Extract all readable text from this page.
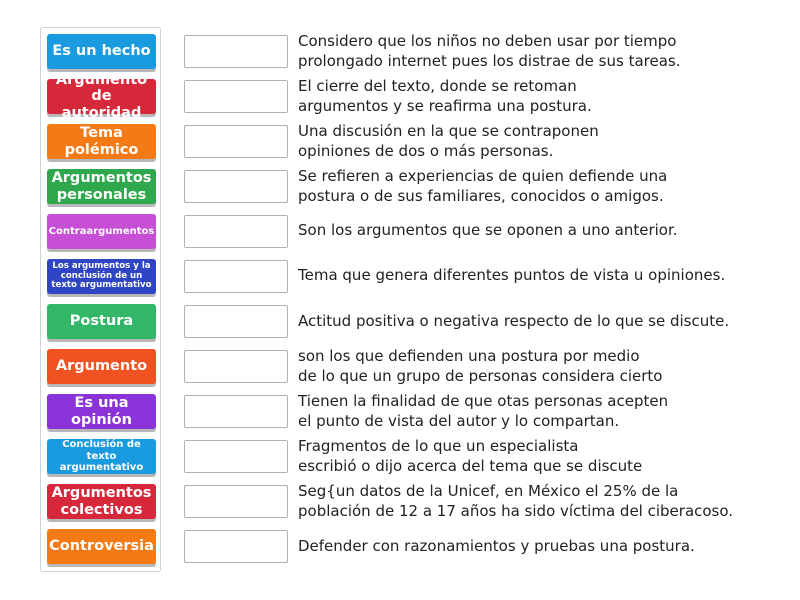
Es un hecho
Argumento de autoridad
Tema polémico
Argumentos personales
Contraargumentos
Los argumentos y la conclusión de un texto argumentativo
Postura
Argumento
Es una opinión
Conclusión de texto argumentativo
Argumentos colectivos
Controversia
Considero que los niños no deben usar por tiempo
prolongado internet pues los distrae de sus tareas.
El cierre del texto, donde se retoman
argumentos y se reafirma una postura.
Una discusión en la que se contraponen
opiniones de dos o más personas.
Se refieren a experiencias de quien defiende una
postura o de sus familiares, conocidos o amigos.
Son los argumentos que se oponen a uno anterior.
Tema que genera diferentes puntos de vista u opiniones.
Actitud positiva o negativa respecto de lo que se discute.
son los que defienden una postura por medio
de lo que un grupo de personas considera cierto
Tienen la finalidad de que otas personas acepten
el punto de vista del autor y lo compartan.
Fragmentos de lo que un especialista
escribió o dijo acerca del tema que se discute
Seg{un datos de la Unicef, en México el 25% de la
población de 12 a 17 años ha sido víctima del ciberacoso.
Defender con razonamientos y pruebas una postura.
